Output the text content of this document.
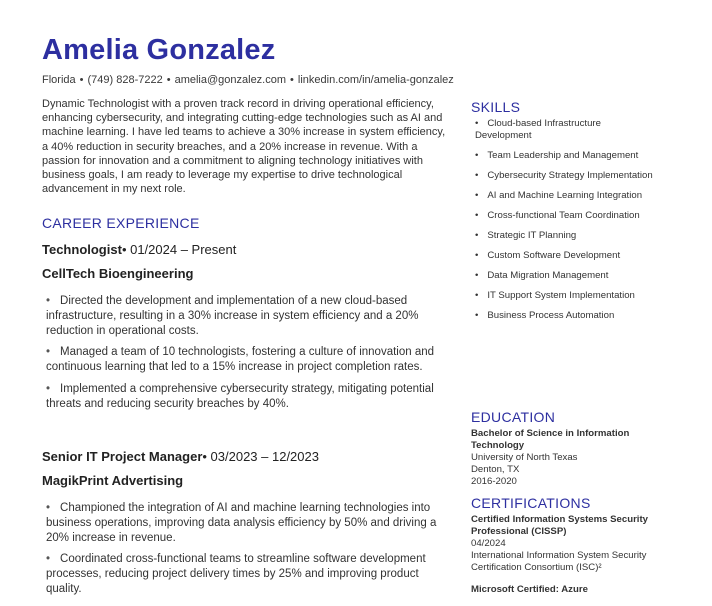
Amelia Gonzalez
Florida • (749) 828-7222 • amelia@gonzalez.com • linkedin.com/in/amelia-gonzalez

Dynamic Technologist with a proven track record in driving operational efficiency, enhancing cybersecurity, and integrating cutting-edge technologies such as AI and machine learning. I have led teams to achieve a 30% increase in system efficiency, a 40% reduction in security breaches, and a 20% increase in revenue. With a passion for innovation and a commitment to aligning technology initiatives with business goals, I am ready to leverage my expertise to drive technological advancement in my next role.

CAREER EXPERIENCE
Technologist• 01/2024 – Present
CellTech Bioengineering
• Directed the development and implementation of a new cloud-based infrastructure, resulting in a 30% increase in system efficiency and a 20% reduction in operational costs.
• Managed a team of 10 technologists, fostering a culture of innovation and continuous learning that led to a 15% increase in project completion rates.
• Implemented a comprehensive cybersecurity strategy, mitigating potential threats and reducing security breaches by 40%.
Senior IT Project Manager• 03/2023 – 12/2023
MagikPrint Advertising
• Championed the integration of AI and machine learning technologies into business operations, improving data analysis efficiency by 50% and driving a 20% increase in revenue.
• Coordinated cross-functional teams to streamline software development processes, reducing project delivery times by 25% and improving product quality.
SKILLS
• Cloud-based Infrastructure Development
• Team Leadership and Management
• Cybersecurity Strategy Implementation
• AI and Machine Learning Integration
• Cross-functional Team Coordination
• Strategic IT Planning
• Custom Software Development
• Data Migration Management
• IT Support System Implementation
• Business Process Automation
EDUCATION
Bachelor of Science in Information Technology
University of North Texas
Denton, TX
2016-2020
CERTIFICATIONS
Certified Information Systems Security Professional (CISSP)
04/2024
International Information System Security Certification Consortium (ISC)²
Microsoft Certified: Azure
